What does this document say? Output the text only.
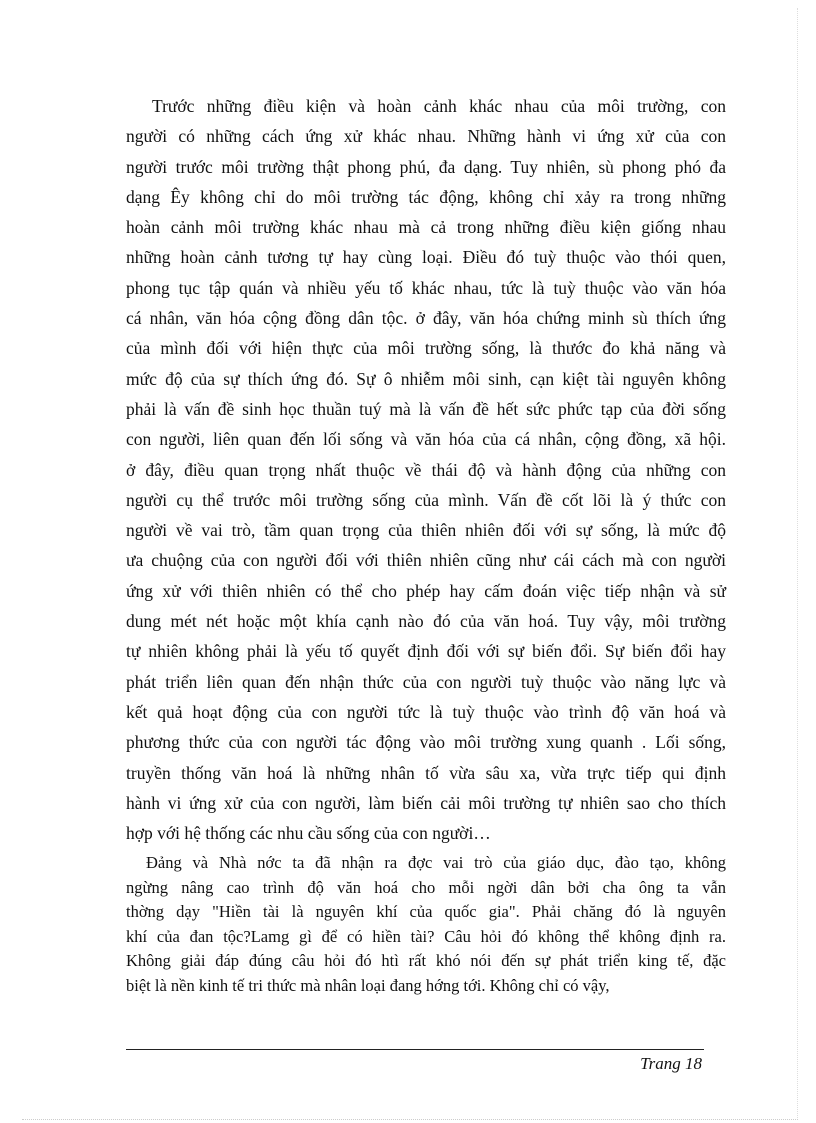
Trước những điều kiện và hoàn cảnh khác nhau của môi trường, con
người có những cách ứng xử khác nhau. Những hành vi ứng xử của con
người trước môi trường thật phong phú, đa dạng. Tuy nhiên, sù phong phó đa
dạng Êy không chỉ do môi trường tác động, không chỉ xảy ra trong những
hoàn cảnh môi trường khác nhau mà cả trong những điều kiện giống nhau
những hoàn cảnh tương tự hay cùng loại. Điều đó tuỳ thuộc vào thói quen,
phong tục tập quán và nhiều yếu tố khác nhau, tức là tuỳ thuộc vào văn hóa
cá nhân, văn hóa cộng đồng dân tộc. ở đây, văn hóa chứng minh sù thích ứng
của mình đối với hiện thực của môi trường sống, là thước đo khả năng và
mức độ của sự thích ứng đó. Sự ô nhiễm môi sinh, cạn kiệt tài nguyên không
phải là vấn đề sinh học thuần tuý mà là vấn đề hết sức phức tạp của đời sống
con người, liên quan đến lối sống và văn hóa của cá nhân, cộng đồng, xã hội.
ở đây, điều quan trọng nhất thuộc về thái độ và hành động của những con
người cụ thể trước môi trường sống của mình. Vấn đề cốt lõi là ý thức con
người về vai trò, tầm quan trọng của thiên nhiên đối với sự sống, là mức độ
ưa chuộng của con người đối với thiên nhiên cũng như cái cách mà con người
ứng xử với thiên nhiên có thể cho phép hay cấm đoán việc tiếp nhận và sử
dung mét nét hoặc một khía cạnh nào đó của văn hoá. Tuy vậy, môi trường
tự nhiên không phải là yếu tố quyết định đối với sự biến đổi. Sự biến đổi hay
phát triển liên quan đến nhận thức của con người tuỳ thuộc vào năng lực và
kết quả hoạt động của con người tức là tuỳ thuộc vào trình độ văn hoá và
phương thức của con người tác động vào môi trường xung quanh . Lối sống,
truyền thống văn hoá là những nhân tố vừa sâu xa, vừa trực tiếp qui định
hành vi ứng xử của con người, làm biến cải môi trường tự nhiên sao cho thích
hợp với hệ thống các nhu cầu sống của con người…
Đảng và Nhà nớc ta đã nhận ra đợc vai trò của giáo dục, đào tạo, không
ngừng nâng cao trình độ văn hoá cho mỗi ngời dân bởi cha ông ta vẫn
thờng dạy "Hiền tài là nguyên khí của quốc gia". Phải chăng đó là nguyên
khí của đan tộc?Lamg gì để có hiền tài? Câu hỏi đó không thể không định ra.
Không giải đáp đúng câu hỏi đó htì rất khó nói đến sự phát triển king tế, đặc
biệt là nền kinh tế tri thức mà nhân loại đang hớng tới. Không chỉ có vậy,
Trang 18
